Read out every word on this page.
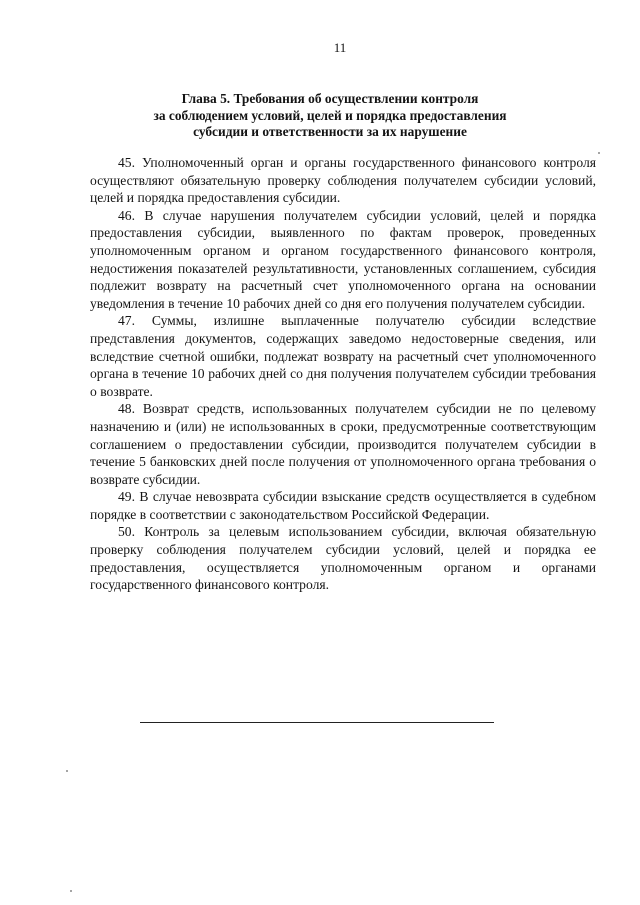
11
Глава 5. Требования об осуществлении контроля
за соблюдением условий, целей и порядка предоставления
субсидии и ответственности за их нарушение

45. Уполномоченный орган и органы государственного финансового контроля осуществляют обязательную проверку соблюдения получателем субсидии условий, целей и порядка предоставления субсидии.

46. В случае нарушения получателем субсидии условий, целей и порядка предоставления субсидии, выявленного по фактам проверок, проведенных уполномоченным органом и органом государственного финансового контроля, недостижения показателей результативности, установленных соглашением, субсидия подлежит возврату на расчетный счет уполномоченного органа на основании уведомления в течение 10 рабочих дней со дня его получения получателем субсидии.

47. Суммы, излишне выплаченные получателю субсидии вследствие представления документов, содержащих заведомо недостоверные сведения, или вследствие счетной ошибки, подлежат возврату на расчетный счет уполномоченного органа в течение 10 рабочих дней со дня получения получателем субсидии требования о возврате.

48. Возврат средств, использованных получателем субсидии не по целевому назначению и (или) не использованных в сроки, предусмотренные соответствующим соглашением о предоставлении субсидии, производится получателем субсидии в течение 5 банковских дней после получения от уполномоченного органа требования о возврате субсидии.

49. В случае невозврата субсидии взыскание средств осуществляется в судебном порядке в соответствии с законодательством Российской Федерации.

50. Контроль за целевым использованием субсидии, включая обязательную проверку соблюдения получателем субсидии условий, целей и порядка ее предоставления, осуществляется уполномоченным органом и органами государственного финансового контроля.
